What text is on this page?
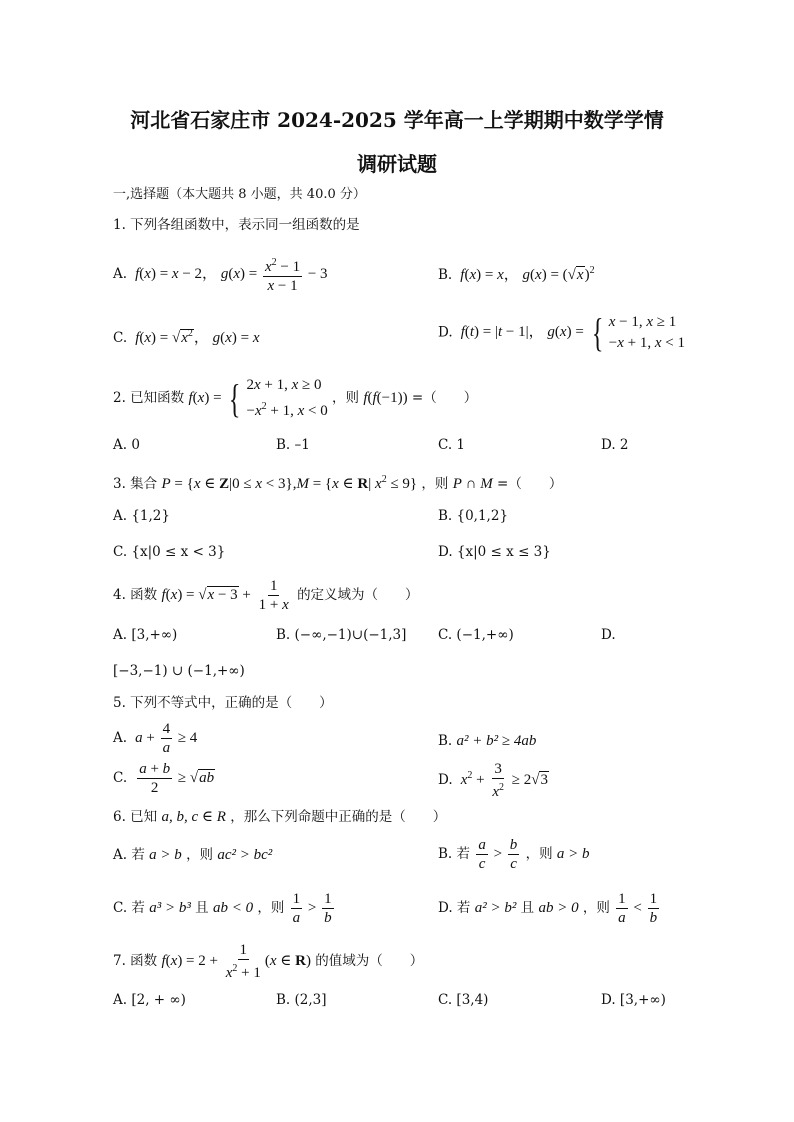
河北省石家庄市 2024-2025 学年高一上学期期中数学学情
调研试题
一,选择题（本大题共 8 小题，共 40.0 分）
1. 下列各组函数中，表示同一组函数的是
A.  f(x) = x − 2， $g(x) = \frac{x^2 - 1}{x - 1} - 3$	B.  f(x) = x， $g(x) = (√x)^2$
C.  $f(x) = √x^2$， g(x) = x	D.  f(t) = |t − 1|， g(x) = { x − 1, x ≥ 1
−x + 1, x < 1
2. 已知函数 f(x) = { 2x + 1, x ≥ 0
$-x^2 + 1$, x < 0
，则 f(f(−1)) =（　　）
A. 0	B. –1	C. 1	D. 2
3. 集合 P = {x ∈ Z|0 ≤ x < 3},M = {x ∈ R| $x^2 \le 9$} ，则 P ∩ M =（　　）
A. {1,2}	B. {0,1,2}
C. {x|0 ≤ x < 3}	D. {x|0 ≤ x ≤ 3}
4. 函数 $f(x) = √x - 3 + \frac{1}{1 + x}$ 的定义域为（　　）
A. [3,+∞)	B. (−∞,−1)∪(−1,3] C. (−1,+∞)	D.
[−3,−1) ∪ (−1,+∞)
5. 下列不等式中，正确的是（　　）
A.  $a + \frac{4}{a} \ge 4$	B. a² + b² ≥ 4ab
C. $\frac{a + b}{2} \ge √ab$	D.  $x^2 + \frac{3}{x^2} \ge 2√3$
6. 已知 a, b, c ∈ R ，那么下列命题中正确的是（　　）
A. 若 a > b ，则 ac² > bc²	B. 若 $\frac{a}{c} > \frac{b}{c}$ ，则 a > b
C. 若 a³ > b³ 且 ab < 0 ，则 $\frac{1}{a} > \frac{1}{b}$	D. 若 a² > b² 且 ab > 0 ，则 $\frac{1}{a} < \frac{1}{b}$
7. 函数 $f(x) = 2 + \frac{1}{x^2 + 1} (x$ ∈ R) 的值域为（　　）
A. [2, + ∞)	B. (2,3]	C. [3,4)	D. [3,+∞)
